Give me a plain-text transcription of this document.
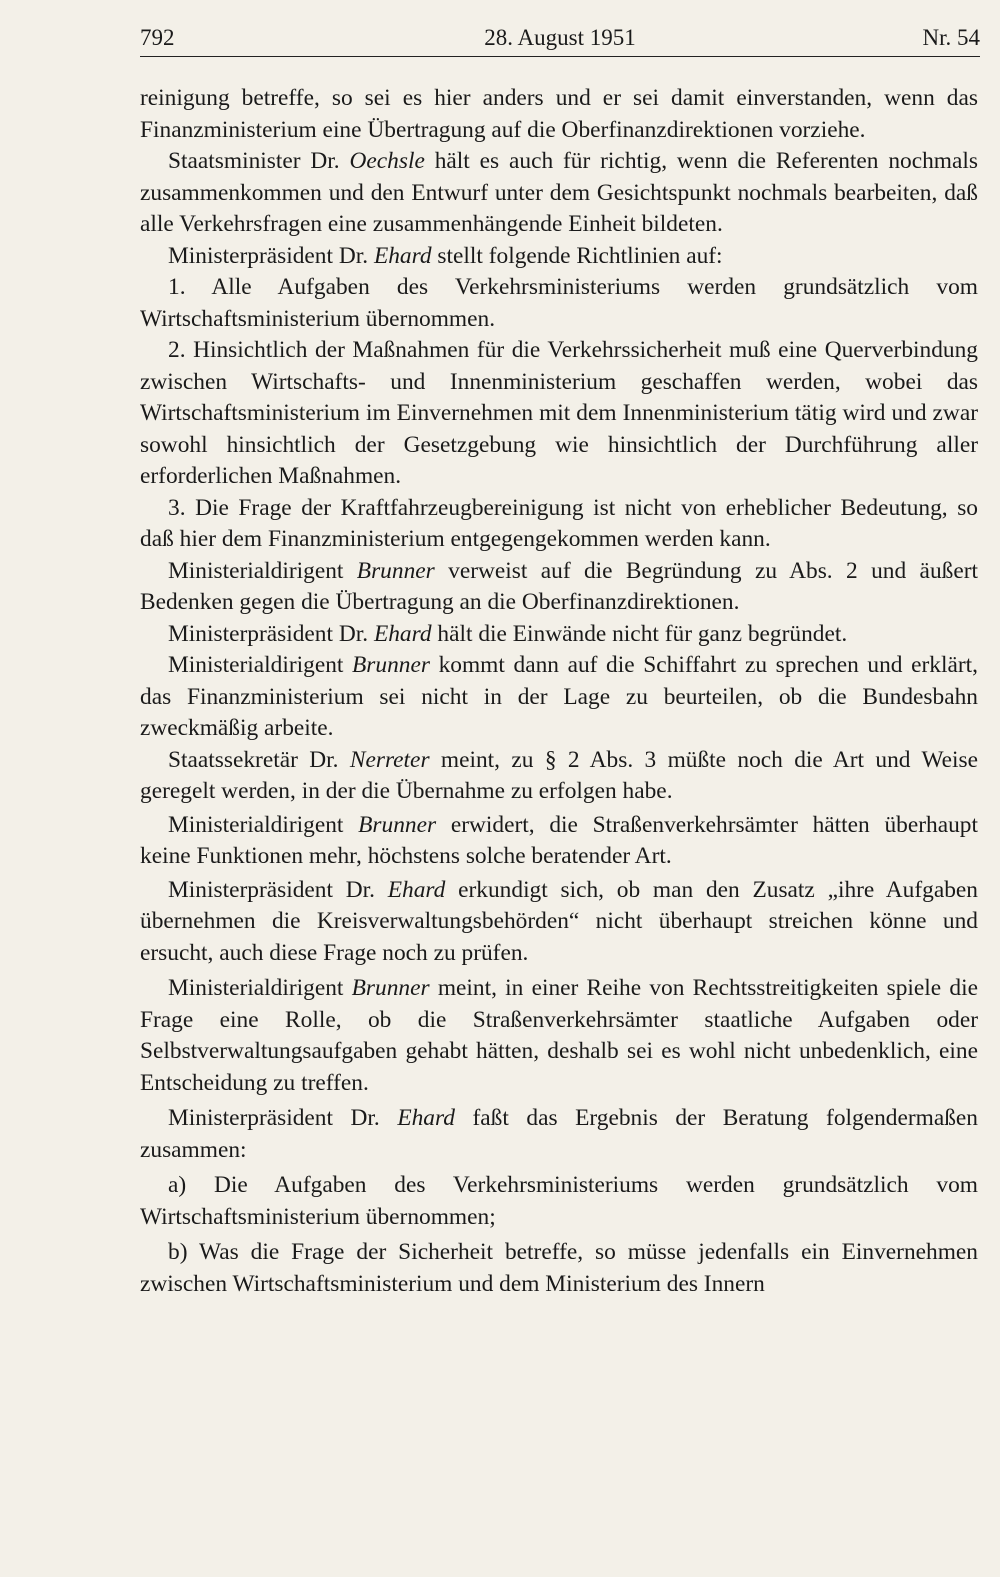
792	28. August 1951	Nr. 54

reinigung betreffe, so sei es hier anders und er sei damit einverstanden, wenn das Finanzministerium eine Übertragung auf die Oberfinanzdirektionen vorziehe.

Staatsminister Dr. Oechsle hält es auch für richtig, wenn die Referenten nochmals zusammenkommen und den Entwurf unter dem Gesichtspunkt nochmals bearbeiten, daß alle Verkehrsfragen eine zusammenhängende Einheit bildeten.

Ministerpräsident Dr. Ehard stellt folgende Richtlinien auf:

1. Alle Aufgaben des Verkehrsministeriums werden grundsätzlich vom Wirtschaftsministerium übernommen.

2. Hinsichtlich der Maßnahmen für die Verkehrssicherheit muß eine Querverbindung zwischen Wirtschafts- und Innenministerium geschaffen werden, wobei das Wirtschaftsministerium im Einvernehmen mit dem Innenministerium tätig wird und zwar sowohl hinsichtlich der Gesetzgebung wie hinsichtlich der Durchführung aller erforderlichen Maßnahmen.

3. Die Frage der Kraftfahrzeugbereinigung ist nicht von erheblicher Bedeutung, so daß hier dem Finanzministerium entgegengekommen werden kann.

Ministerialdirigent Brunner verweist auf die Begründung zu Abs. 2 und äußert Bedenken gegen die Übertragung an die Oberfinanzdirektionen.

Ministerpräsident Dr. Ehard hält die Einwände nicht für ganz begründet.

Ministerialdirigent Brunner kommt dann auf die Schiffahrt zu sprechen und erklärt, das Finanzministerium sei nicht in der Lage zu beurteilen, ob die Bundesbahn zweckmäßig arbeite.

Staatssekretär Dr. Nerreter meint, zu § 2 Abs. 3 müßte noch die Art und Weise geregelt werden, in der die Übernahme zu erfolgen habe.

Ministerialdirigent Brunner erwidert, die Straßenverkehrsämter hätten überhaupt keine Funktionen mehr, höchstens solche beratender Art.

Ministerpräsident Dr. Ehard erkundigt sich, ob man den Zusatz „ihre Aufgaben übernehmen die Kreisverwaltungsbehörden“ nicht überhaupt streichen könne und ersucht, auch diese Frage noch zu prüfen.

Ministerialdirigent Brunner meint, in einer Reihe von Rechtsstreitigkeiten spiele die Frage eine Rolle, ob die Straßenverkehrsämter staatliche Aufgaben oder Selbstverwaltungsaufgaben gehabt hätten, deshalb sei es wohl nicht unbedenklich, eine Entscheidung zu treffen.

Ministerpräsident Dr. Ehard faßt das Ergebnis der Beratung folgendermaßen zusammen:

a) Die Aufgaben des Verkehrsministeriums werden grundsätzlich vom Wirtschaftsministerium übernommen;

b) Was die Frage der Sicherheit betreffe, so müsse jedenfalls ein Einvernehmen zwischen Wirtschaftsministerium und dem Ministerium des Innern
